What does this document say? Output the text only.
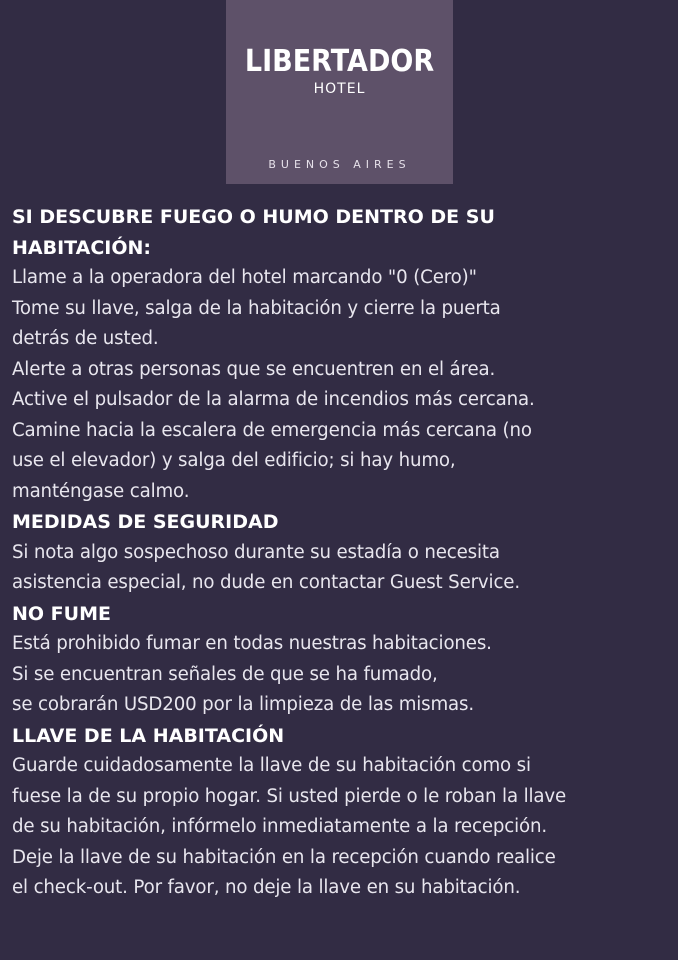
LIBERTADOR
HOTEL
BUENOS AIRES
SI DESCUBRE FUEGO O HUMO DENTRO DE SU
HABITACIÓN:
Llame a la operadora del hotel marcando "0 (Cero)"
Tome su llave, salga de la habitación y cierre la puerta
detrás de usted.
Alerte a otras personas que se encuentren en el área.
Active el pulsador de la alarma de incendios más cercana.
Camine hacia la escalera de emergencia más cercana (no
use el elevador) y salga del edificio; si hay humo,
manténgase calmo.
MEDIDAS DE SEGURIDAD
Si nota algo sospechoso durante su estadía o necesita
asistencia especial, no dude en contactar Guest Service.
NO FUME
Está prohibido fumar en todas nuestras habitaciones.
Si se encuentran señales de que se ha fumado,
se cobrarán USD200 por la limpieza de las mismas.
LLAVE DE LA HABITACIÓN
Guarde cuidadosamente la llave de su habitación como si
fuese la de su propio hogar. Si usted pierde o le roban la llave
de su habitación, infórmelo inmediatamente a la recepción.
Deje la llave de su habitación en la recepción cuando realice
el check-out. Por favor, no deje la llave en su habitación.
